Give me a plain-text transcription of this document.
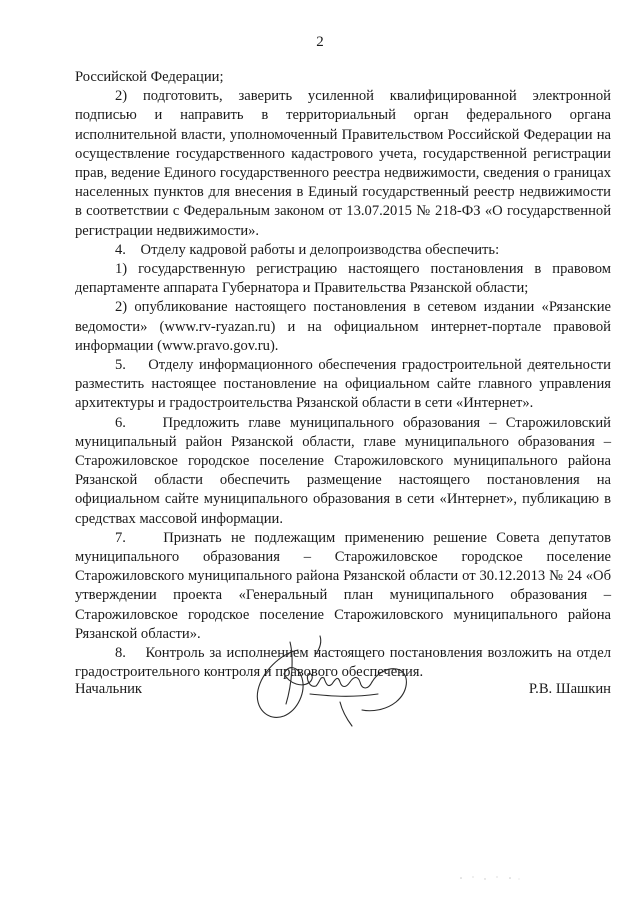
2

Российской Федерации;

2) подготовить, заверить усиленной квалифицированной электронной подписью и направить в территориальный орган федерального органа исполнительной власти, уполномоченный Правительством Российской Федерации на осуществление государственного кадастрового учета, государственной регистрации прав, ведение Единого государственного реестра недвижимости, сведения о границах населенных пунктов для внесения в Единый государственный реестр недвижимости в соответствии с Федеральным законом от 13.07.2015 № 218-ФЗ «О государственной регистрации недвижимости».

4.    Отделу кадровой работы и делопроизводства обеспечить:

1) государственную регистрацию настоящего постановления в правовом департаменте аппарата Губернатора и Правительства Рязанской области;

2) опубликование настоящего постановления в сетевом издании «Рязанские ведомости» (www.rv-ryazan.ru) и на официальном интернет-портале правовой информации (www.pravo.gov.ru).

5.    Отделу информационного обеспечения градостроительной деятельности разместить настоящее постановление на официальном сайте главного управления архитектуры и градостроительства Рязанской области в сети «Интернет».

6.    Предложить главе муниципального образования – Старожиловский муниципальный район Рязанской области, главе муниципального образования – Старожиловское городское поселение Старожиловского муниципального района Рязанской области обеспечить размещение настоящего постановления на официальном сайте муниципального образования в сети «Интернет», публикацию в средствах массовой информации.

7.    Признать не подлежащим применению решение Совета депутатов муниципального образования – Старожиловское городское поселение Старожиловского муниципального района Рязанской области от 30.12.2013 № 24 «Об утверждении проекта «Генеральный план муниципального образования – Старожиловское городское поселение Старожиловского муниципального района Рязанской области».

8.    Контроль за исполнением настоящего постановления возложить на отдел градостроительного контроля и правового обеспечения.

Начальник	Р.В. Шашкин
